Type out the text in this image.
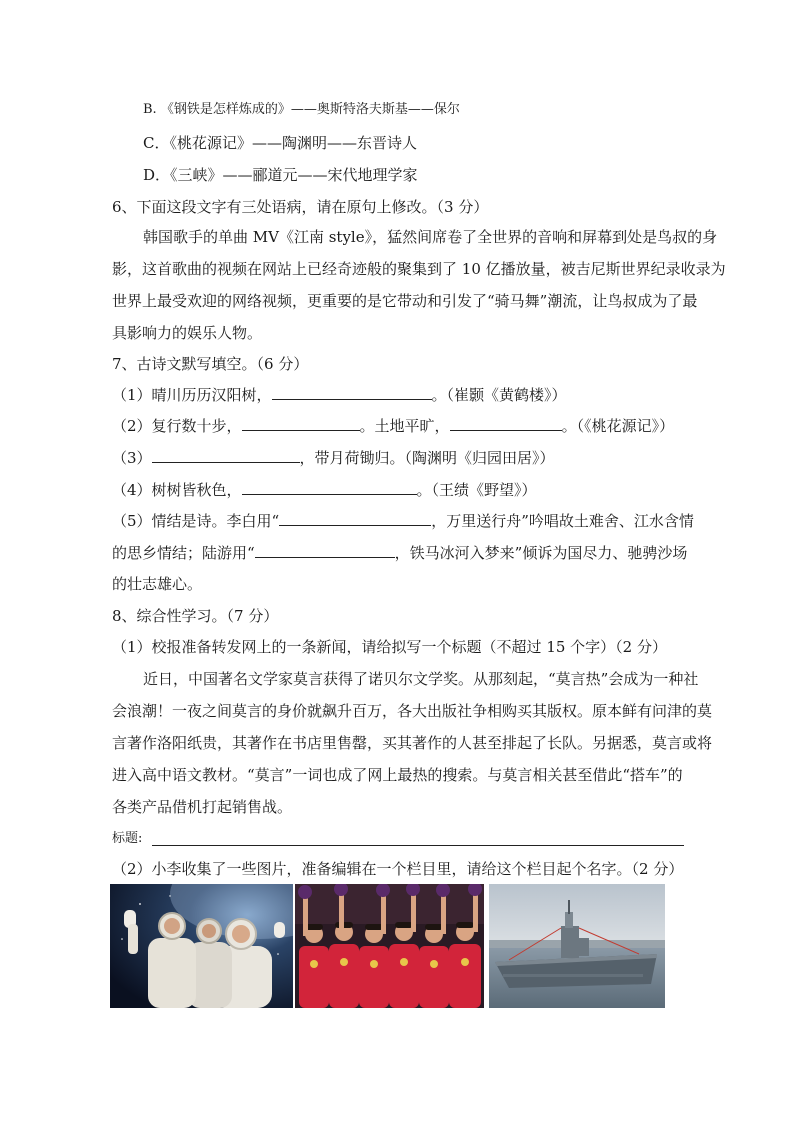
B. 《钢铁是怎样炼成的》——奥斯特洛夫斯基——保尔
C．《桃花源记》——陶渊明——东晋诗人
D．《三峡》——郦道元——宋代地理学家
6、下面这段文字有三处语病，请在原句上修改。（3 分）
韩国歌手的单曲 MV《江南 style》，猛然间席卷了全世界的音响和屏幕到处是鸟叔的身
影，这首歌曲的视频在网站上已经奇迹般的聚集到了 10 亿播放量，被吉尼斯世界纪录收录为
世界上最受欢迎的网络视频，更重要的是它带动和引发了“骑马舞”潮流，让鸟叔成为了最
具影响力的娱乐人物。
7、古诗文默写填空。（6 分）
（1）晴川历历汉阳树，	。（崔颢《黄鹤楼》）
（2）复行数十步，	。土地平旷，	。（《桃花源记》）
（3）	，带月荷锄归。（陶渊明《归园田居》）
（4）树树皆秋色，	。（王绩《野望》）
（5）情结是诗。李白用“	，万里送行舟”吟唱故土难舍、江水含情
的思乡情结；陆游用“	，铁马冰河入梦来”倾诉为国尽力、驰骋沙场
的壮志雄心。
8、综合性学习。（7 分）
（1）校报准备转发网上的一条新闻，请给拟写一个标题（不超过 15 个字）（2 分）
近日，中国著名文学家莫言获得了诺贝尔文学奖。从那刻起，“莫言热”会成为一种社
会浪潮！一夜之间莫言的身价就飙升百万，各大出版社争相购买其版权。原本鲜有问津的莫
言著作洛阳纸贵，其著作在书店里售罄，买其著作的人甚至排起了长队。另据悉，莫言或将
进入高中语文教材。“莫言”一词也成了网上最热的搜索。与莫言相关甚至借此“搭车”的
各类产品借机打起销售战。
标题:
（2）小李收集了一些图片，准备编辑在一个栏目里，请给这个栏目起个名字。（2 分）
